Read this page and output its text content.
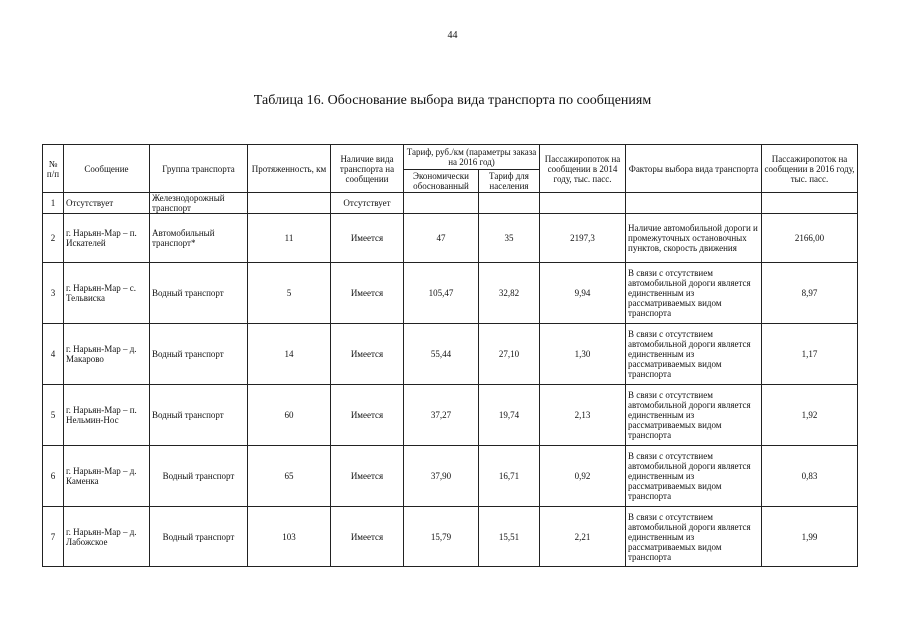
44
Таблица 16. Обоснование выбора вида транспорта по сообщениям
№ п/п	Сообщение	Группа транспорта	Протяженность, км	Наличие вида транспорта на сообщении	Тариф, руб./км (параметры заказа на 2016 год)		Пассажиропоток на сообщении в 2014 году, тыс. пасс.	Факторы выбора вида транспорта	Пассажиропоток на сообщении в 2016 году, тыс. пасс.
					Экономически обоснованный	Тариф для населения			
1	Отсутствует	Железнодорожный транспорт		Отсутствует					
2	г. Нарьян-Мар – п. Искателей	Автомобильный транспорт*	11	Имеется	47	35	2197,3	Наличие автомобильной дороги и промежуточных остановочных пунктов, скорость движения	2166,00
3	г. Нарьян-Мар – с. Тельвиска	Водный транспорт	5	Имеется	105,47	32,82	9,94	В связи с отсутствием автомобильной дороги является единственным из рассматриваемых видом транспорта	8,97
4	г. Нарьян-Мар – д. Макарово	Водный транспорт	14	Имеется	55,44	27,10	1,30	В связи с отсутствием автомобильной дороги является единственным из рассматриваемых видом транспорта	1,17
5	г. Нарьян-Мар – п. Нельмин-Нос	Водный транспорт	60	Имеется	37,27	19,74	2,13	В связи с отсутствием автомобильной дороги является единственным из рассматриваемых видом транспорта	1,92
6	г. Нарьян-Мар – д. Каменка	Водный транспорт	65	Имеется	37,90	16,71	0,92	В связи с отсутствием автомобильной дороги является единственным из рассматриваемых видом транспорта	0,83
7	г. Нарьян-Мар – д. Лабожское	Водный транспорт	103	Имеется	15,79	15,51	2,21	В связи с отсутствием автомобильной дороги является единственным из рассматриваемых видом транспорта	1,99
